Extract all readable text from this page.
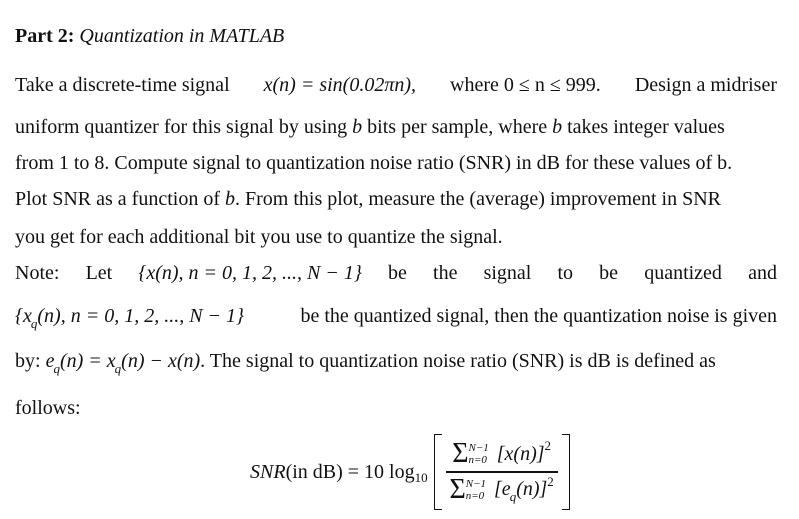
Part 2: Quantization in MATLAB
Take a discrete-time signal x(n) = sin(0.02πn), where 0 ≤ n ≤ 999. Design a midriser
uniform quantizer for this signal by using b bits per sample, where b takes integer values
from 1 to 8. Compute signal to quantization noise ratio (SNR) in dB for these values of b.
Plot SNR as a function of b. From this plot, measure the (average) improvement in SNR
you get for each additional bit you use to quantize the signal.
Note: Let {x(n), n = 0, 1, 2, ..., N − 1} be the signal to be quantized and
{$x_q(n)$, n = 0, 1, 2, ..., N − 1}	be the quantized signal, then the quantization noise is given
by: $e_q(n) = x_q(n) - x(n)$. The signal to quantization noise ratio (SNR) is dB is defined as
follows:
SNR (in dB) = 10 log 10
Σ N−1
n=0 [x(n)] 2
Σ N−1
n=0 $[e_q(n)]$ 2
